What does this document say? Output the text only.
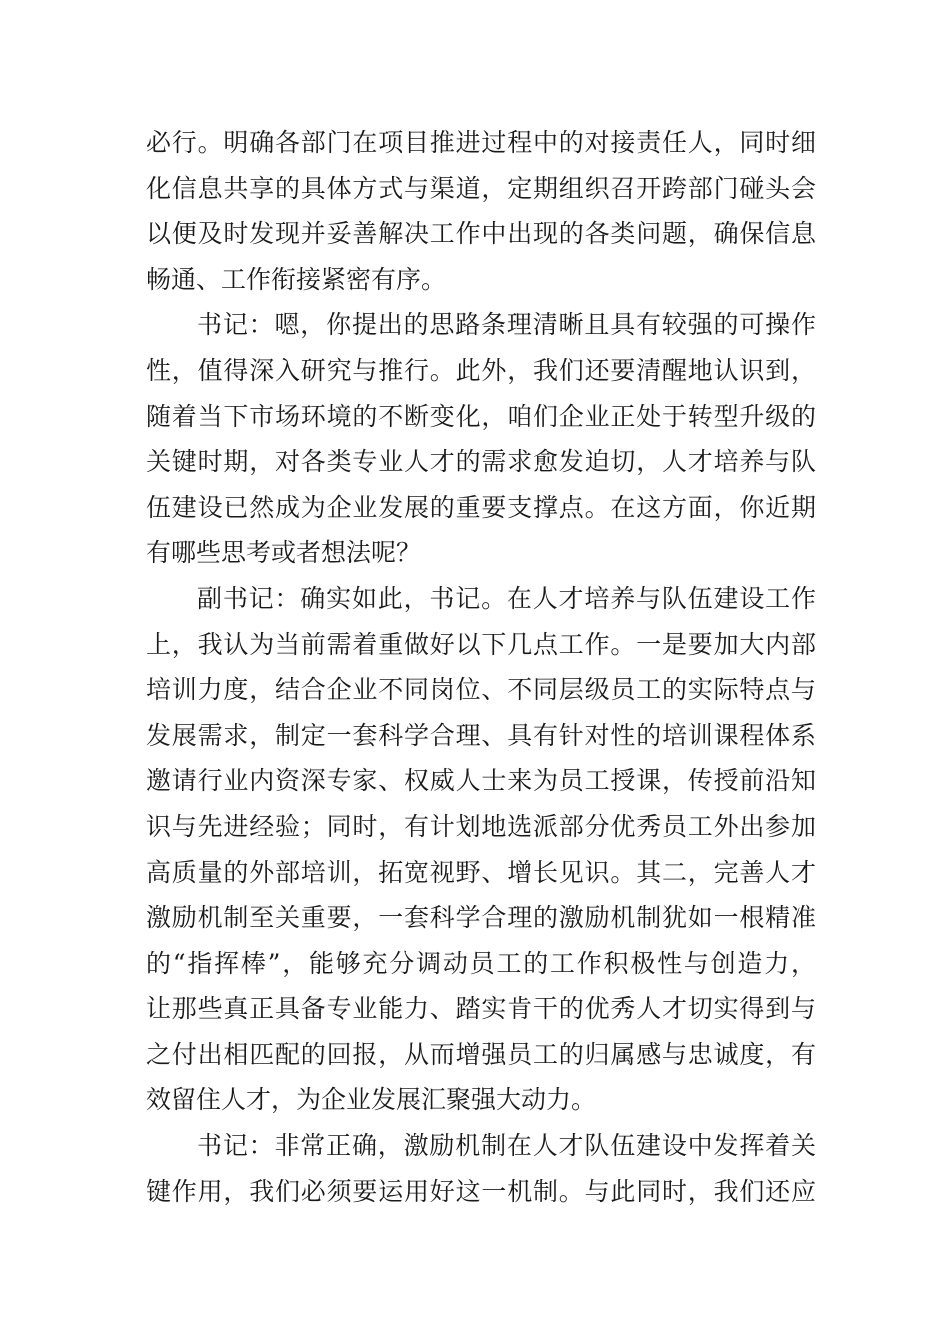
必行。明确各部门在项目推进过程中的对接责任人，同时细
化信息共享的具体方式与渠道，定期组织召开跨部门碰头会
以便及时发现并妥善解决工作中出现的各类问题，确保信息
畅通、工作衔接紧密有序。
书记：嗯，你提出的思路条理清晰且具有较强的可操作
性，值得深入研究与推行。此外，我们还要清醒地认识到，
随着当下市场环境的不断变化，咱们企业正处于转型升级的
关键时期，对各类专业人才的需求愈发迫切，人才培养与队
伍建设已然成为企业发展的重要支撑点。在这方面，你近期
有哪些思考或者想法呢？
副书记：确实如此，书记。在人才培养与队伍建设工作
上，我认为当前需着重做好以下几点工作。一是要加大内部
培训力度，结合企业不同岗位、不同层级员工的实际特点与
发展需求，制定一套科学合理、具有针对性的培训课程体系
邀请行业内资深专家、权威人士来为员工授课，传授前沿知
识与先进经验；同时，有计划地选派部分优秀员工外出参加
高质量的外部培训，拓宽视野、增长见识。其二，完善人才
激励机制至关重要，一套科学合理的激励机制犹如一根精准
的“指挥棒”，能够充分调动员工的工作积极性与创造力，
让那些真正具备专业能力、踏实肯干的优秀人才切实得到与
之付出相匹配的回报，从而增强员工的归属感与忠诚度，有
效留住人才，为企业发展汇聚强大动力。
书记：非常正确，激励机制在人才队伍建设中发挥着关
键作用，我们必须要运用好这一机制。与此同时，我们还应
